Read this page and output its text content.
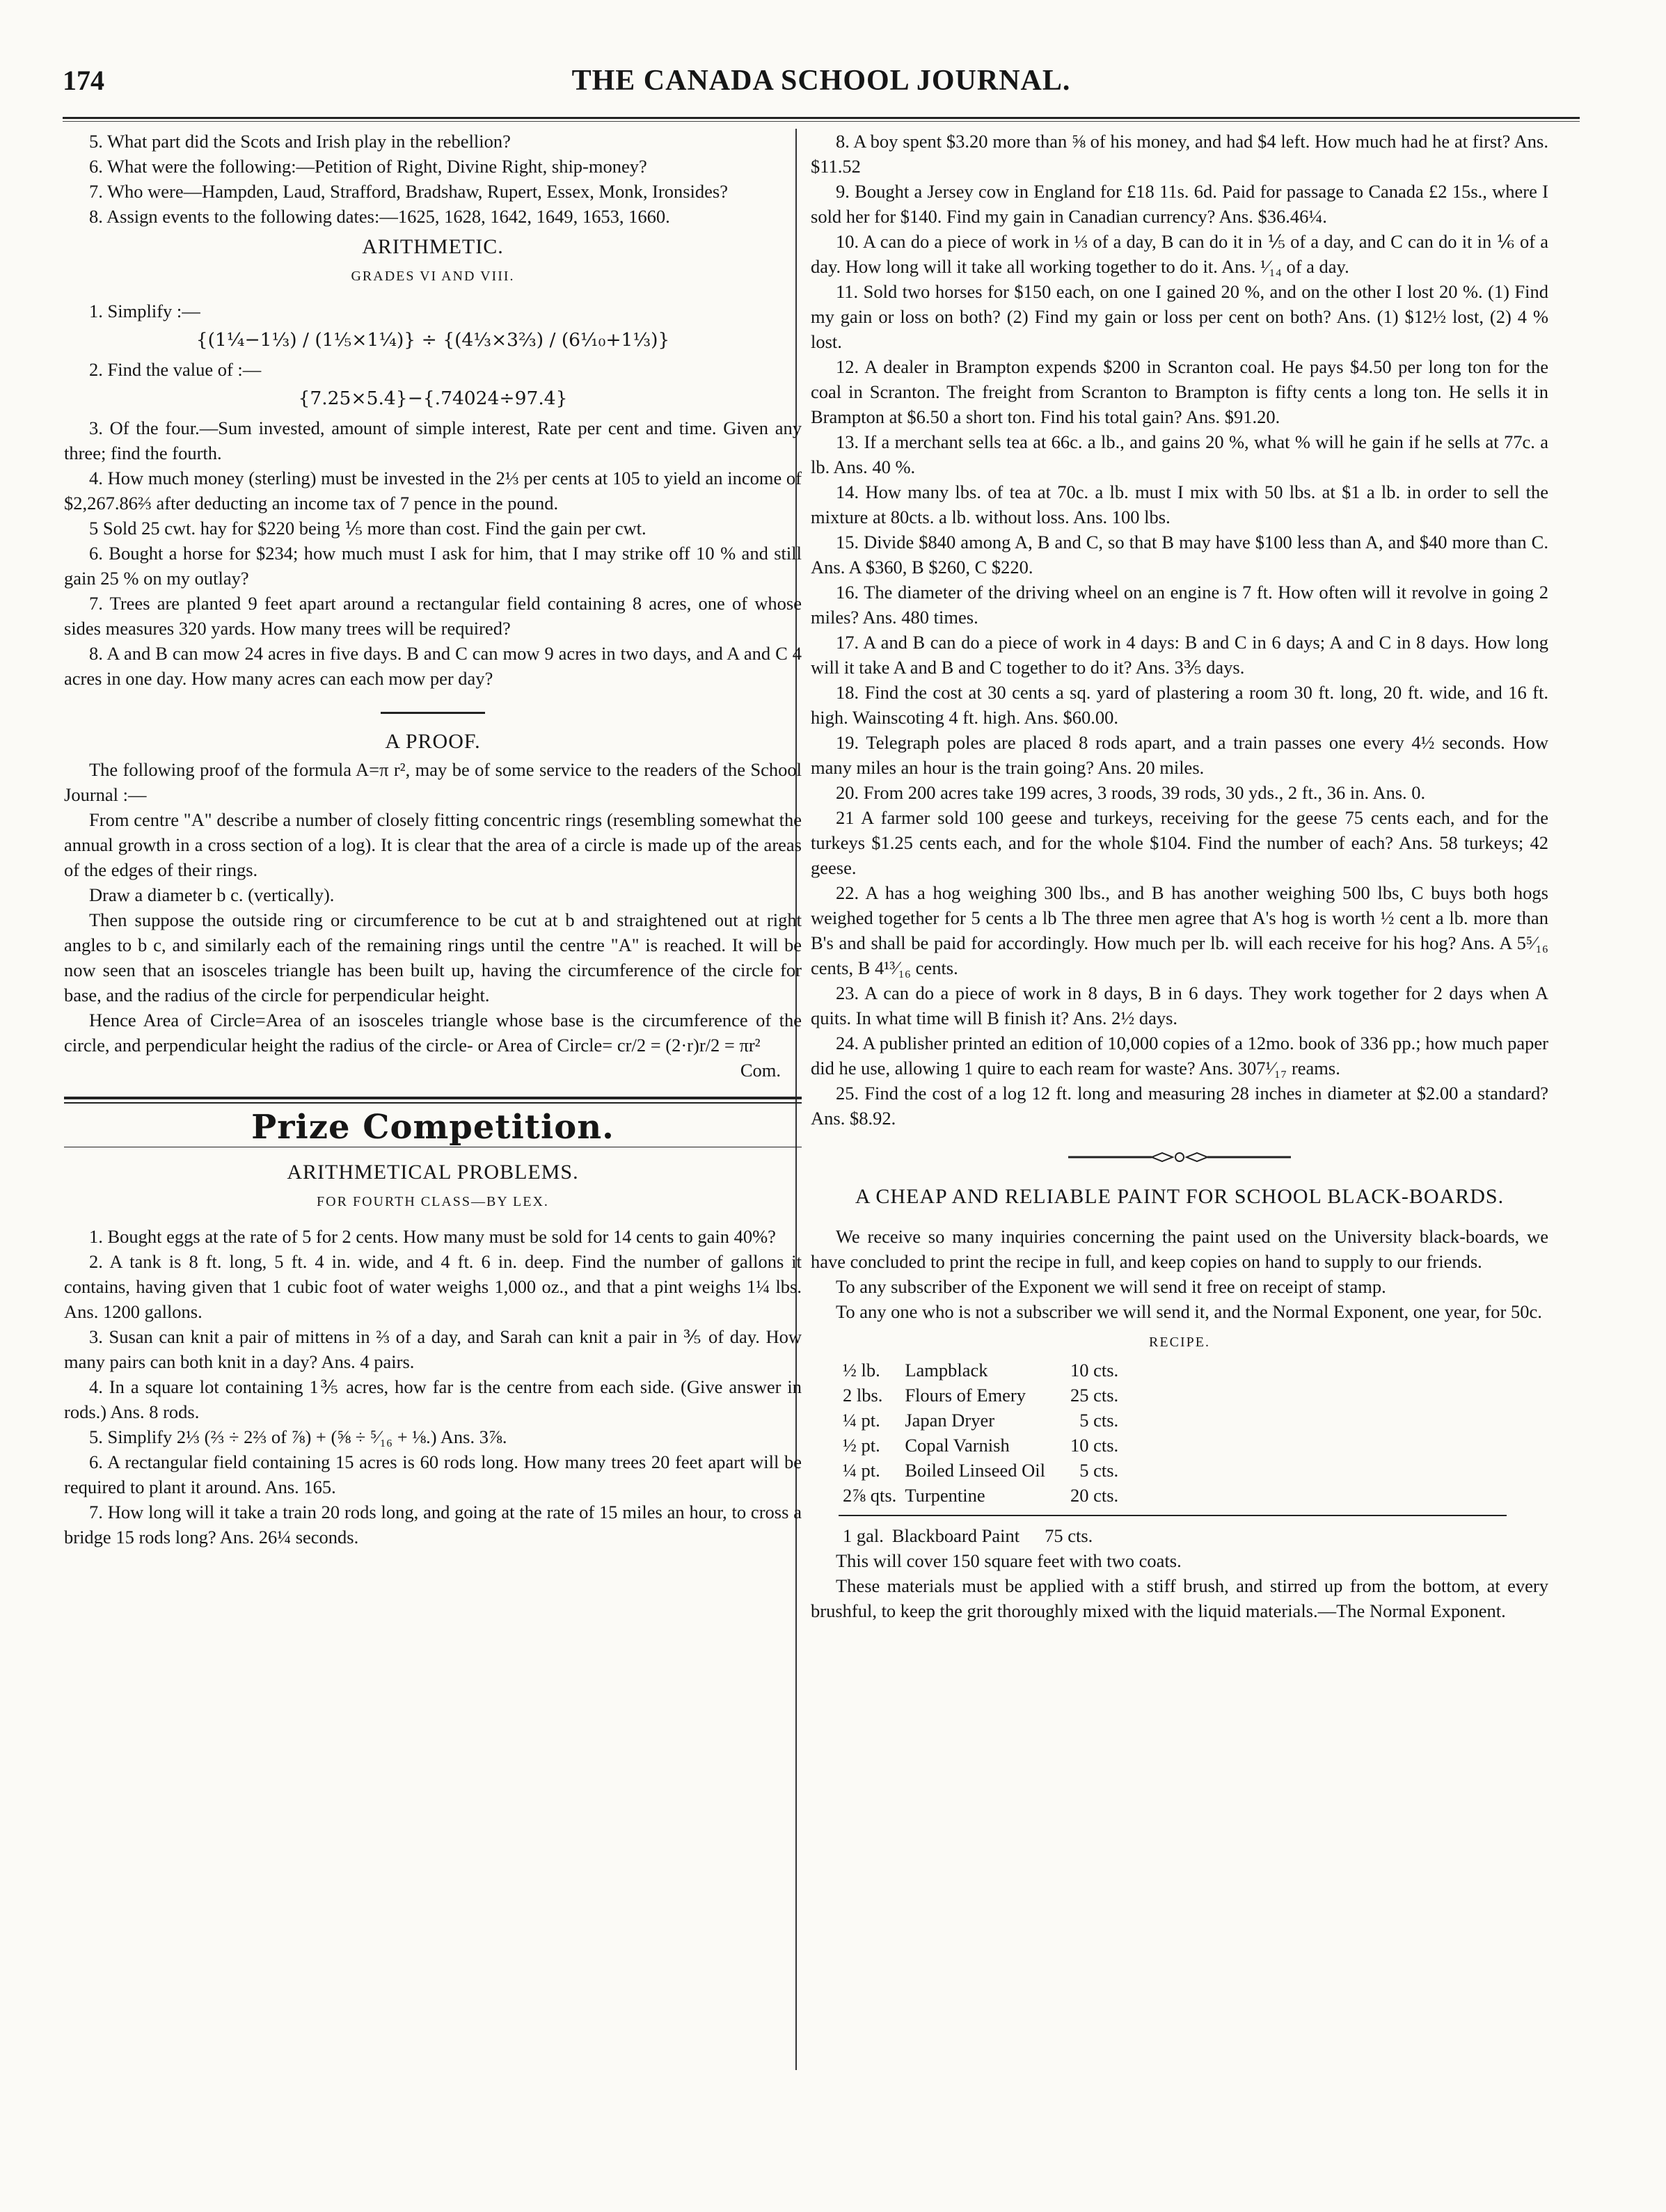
174	THE CANADA SCHOOL JOURNAL.

5. What part did the Scots and Irish play in the rebellion?

6. What were the following:—Petition of Right, Divine Right, ship-money?

7. Who were—Hampden, Laud, Strafford, Bradshaw, Rupert, Essex, Monk, Ironsides?

8. Assign events to the following dates:—1625, 1628, 1642, 1649, 1653, 1660.

ARITHMETIC.
GRADES VI AND VIII.

1. Simplify :—

{(1¼−1⅓) / (1⅕×1¼)} ÷ {(4⅓×3⅔) / (6⅒+1⅓)}

2. Find the value of :—

{7.25×5.4}−{.74024÷97.4}

3. Of the four.—Sum invested, amount of simple interest, Rate per cent and time. Given any three; find the fourth.

4. How much money (sterling) must be invested in the 2⅓ per cents at 105 to yield an income of $2,267.86⅔ after deducting an income tax of 7 pence in the pound.

5 Sold 25 cwt. hay for $220 being ⅕ more than cost. Find the gain per cwt.

6. Bought a horse for $234; how much must I ask for him, that I may strike off 10 % and still gain 25 % on my outlay?

7. Trees are planted 9 feet apart around a rectangular field containing 8 acres, one of whose sides measures 320 yards. How many trees will be required?

8. A and B can mow 24 acres in five days. B and C can mow 9 acres in two days, and A and C 4 acres in one day. How many acres can each mow per day?

A PROOF.

The following proof of the formula A=π r², may be of some service to the readers of the School Journal :—

From centre "A" describe a number of closely fitting concentric rings (resembling somewhat the annual growth in a cross section of a log). It is clear that the area of a circle is made up of the areas of the edges of their rings.

Draw a diameter b c. (vertically).

Then suppose the outside ring or circumference to be cut at b and straightened out at right angles to b c, and similarly each of the remaining rings until the centre "A" is reached. It will be now seen that an isosceles triangle has been built up, having the circumference of the circle for base, and the radius of the circle for perpendicular height.

Hence Area of Circle=Area of an isosceles triangle whose base is the circumference of the circle, and perpendicular height the radius of the circle- or Area of Circle= cr/2 = (2·r)r/2 = πr²

Com.
Prize Competition.
ARITHMETICAL PROBLEMS.
FOR FOURTH CLASS—BY LEX.

1. Bought eggs at the rate of 5 for 2 cents. How many must be sold for 14 cents to gain 40%?

2. A tank is 8 ft. long, 5 ft. 4 in. wide, and 4 ft. 6 in. deep. Find the number of gallons it contains, having given that 1 cubic foot of water weighs 1,000 oz., and that a pint weighs 1¼ lbs. Ans. 1200 gallons.

3. Susan can knit a pair of mittens in ⅔ of a day, and Sarah can knit a pair in ⅗ of day. How many pairs can both knit in a day? Ans. 4 pairs.

4. In a square lot containing 1⅗ acres, how far is the centre from each side. (Give answer in rods.) Ans. 8 rods.

5. Simplify 2⅓ (⅔ ÷ 2⅔ of ⅞) + (⅝ ÷ ⁵⁄₁₆ + ⅛.) Ans. 3⅞.

6. A rectangular field containing 15 acres is 60 rods long. How many trees 20 feet apart will be required to plant it around. Ans. 165.

7. How long will it take a train 20 rods long, and going at the rate of 15 miles an hour, to cross a bridge 15 rods long? Ans. 26¼ seconds.

8. A boy spent $3.20 more than ⅝ of his money, and had $4 left. How much had he at first? Ans. $11.52

9. Bought a Jersey cow in England for £18 11s. 6d. Paid for passage to Canada £2 15s., where I sold her for $140. Find my gain in Canadian currency? Ans. $36.46¼.

10. A can do a piece of work in ⅓ of a day, B can do it in ⅕ of a day, and C can do it in ⅙ of a day. How long will it take all working together to do it. Ans. ¹⁄₁₄ of a day.

11. Sold two horses for $150 each, on one I gained 20 %, and on the other I lost 20 %. (1) Find my gain or loss on both? (2) Find my gain or loss per cent on both? Ans. (1) $12½ lost, (2) 4 % lost.

12. A dealer in Brampton expends $200 in Scranton coal. He pays $4.50 per long ton for the coal in Scranton. The freight from Scranton to Brampton is fifty cents a long ton. He sells it in Brampton at $6.50 a short ton. Find his total gain? Ans. $91.20.

13. If a merchant sells tea at 66c. a lb., and gains 20 %, what % will he gain if he sells at 77c. a lb. Ans. 40 %.

14. How many lbs. of tea at 70c. a lb. must I mix with 50 lbs. at $1 a lb. in order to sell the mixture at 80cts. a lb. without loss. Ans. 100 lbs.

15. Divide $840 among A, B and C, so that B may have $100 less than A, and $40 more than C. Ans. A $360, B $260, C $220.

16. The diameter of the driving wheel on an engine is 7 ft. How often will it revolve in going 2 miles? Ans. 480 times.

17. A and B can do a piece of work in 4 days: B and C in 6 days; A and C in 8 days. How long will it take A and B and C together to do it? Ans. 3⅗ days.

18. Find the cost at 30 cents a sq. yard of plastering a room 30 ft. long, 20 ft. wide, and 16 ft. high. Wainscoting 4 ft. high. Ans. $60.00.

19. Telegraph poles are placed 8 rods apart, and a train passes one every 4½ seconds. How many miles an hour is the train going? Ans. 20 miles.

20. From 200 acres take 199 acres, 3 roods, 39 rods, 30 yds., 2 ft., 36 in. Ans. 0.

21 A farmer sold 100 geese and turkeys, receiving for the geese 75 cents each, and for the turkeys $1.25 cents each, and for the whole $104. Find the number of each? Ans. 58 turkeys; 42 geese.

22. A has a hog weighing 300 lbs., and B has another weighing 500 lbs, C buys both hogs weighed together for 5 cents a lb The three men agree that A's hog is worth ½ cent a lb. more than B's and shall be paid for accordingly. How much per lb. will each receive for his hog? Ans. A 5⁵⁄₁₆ cents, B 4¹³⁄₁₆ cents.

23. A can do a piece of work in 8 days, B in 6 days. They work together for 2 days when A quits. In what time will B finish it? Ans. 2½ days.

24. A publisher printed an edition of 10,000 copies of a 12mo. book of 336 pp.; how much paper did he use, allowing 1 quire to each ream for waste? Ans. 307¹⁄₁₇ reams.

25. Find the cost of a log 12 ft. long and measuring 28 inches in diameter at $2.00 a standard? Ans. $8.92.

A CHEAP AND RELIABLE PAINT FOR SCHOOL BLACK-BOARDS.

We receive so many inquiries concerning the paint used on the University black-boards, we have concluded to print the recipe in full, and keep copies on hand to supply to our friends.

To any subscriber of the Exponent we will send it free on receipt of stamp.

To any one who is not a subscriber we will send it, and the Normal Exponent, one year, for 50c.

RECIPE.
½ lb.	Lampblack	10 cts.
2 lbs.	Flours of Emery	25 cts.
¼ pt.	Japan Dryer	5 cts.
½ pt.	Copal Varnish	10 cts.
¼ pt.	Boiled Linseed Oil	5 cts.
2⅞ qts.	Turpentine	20 cts.
1 gal.	Blackboard Paint	75 cts.

This will cover 150 square feet with two coats.

These materials must be applied with a stiff brush, and stirred up from the bottom, at every brushful, to keep the grit thoroughly mixed with the liquid materials.—The Normal Exponent.
